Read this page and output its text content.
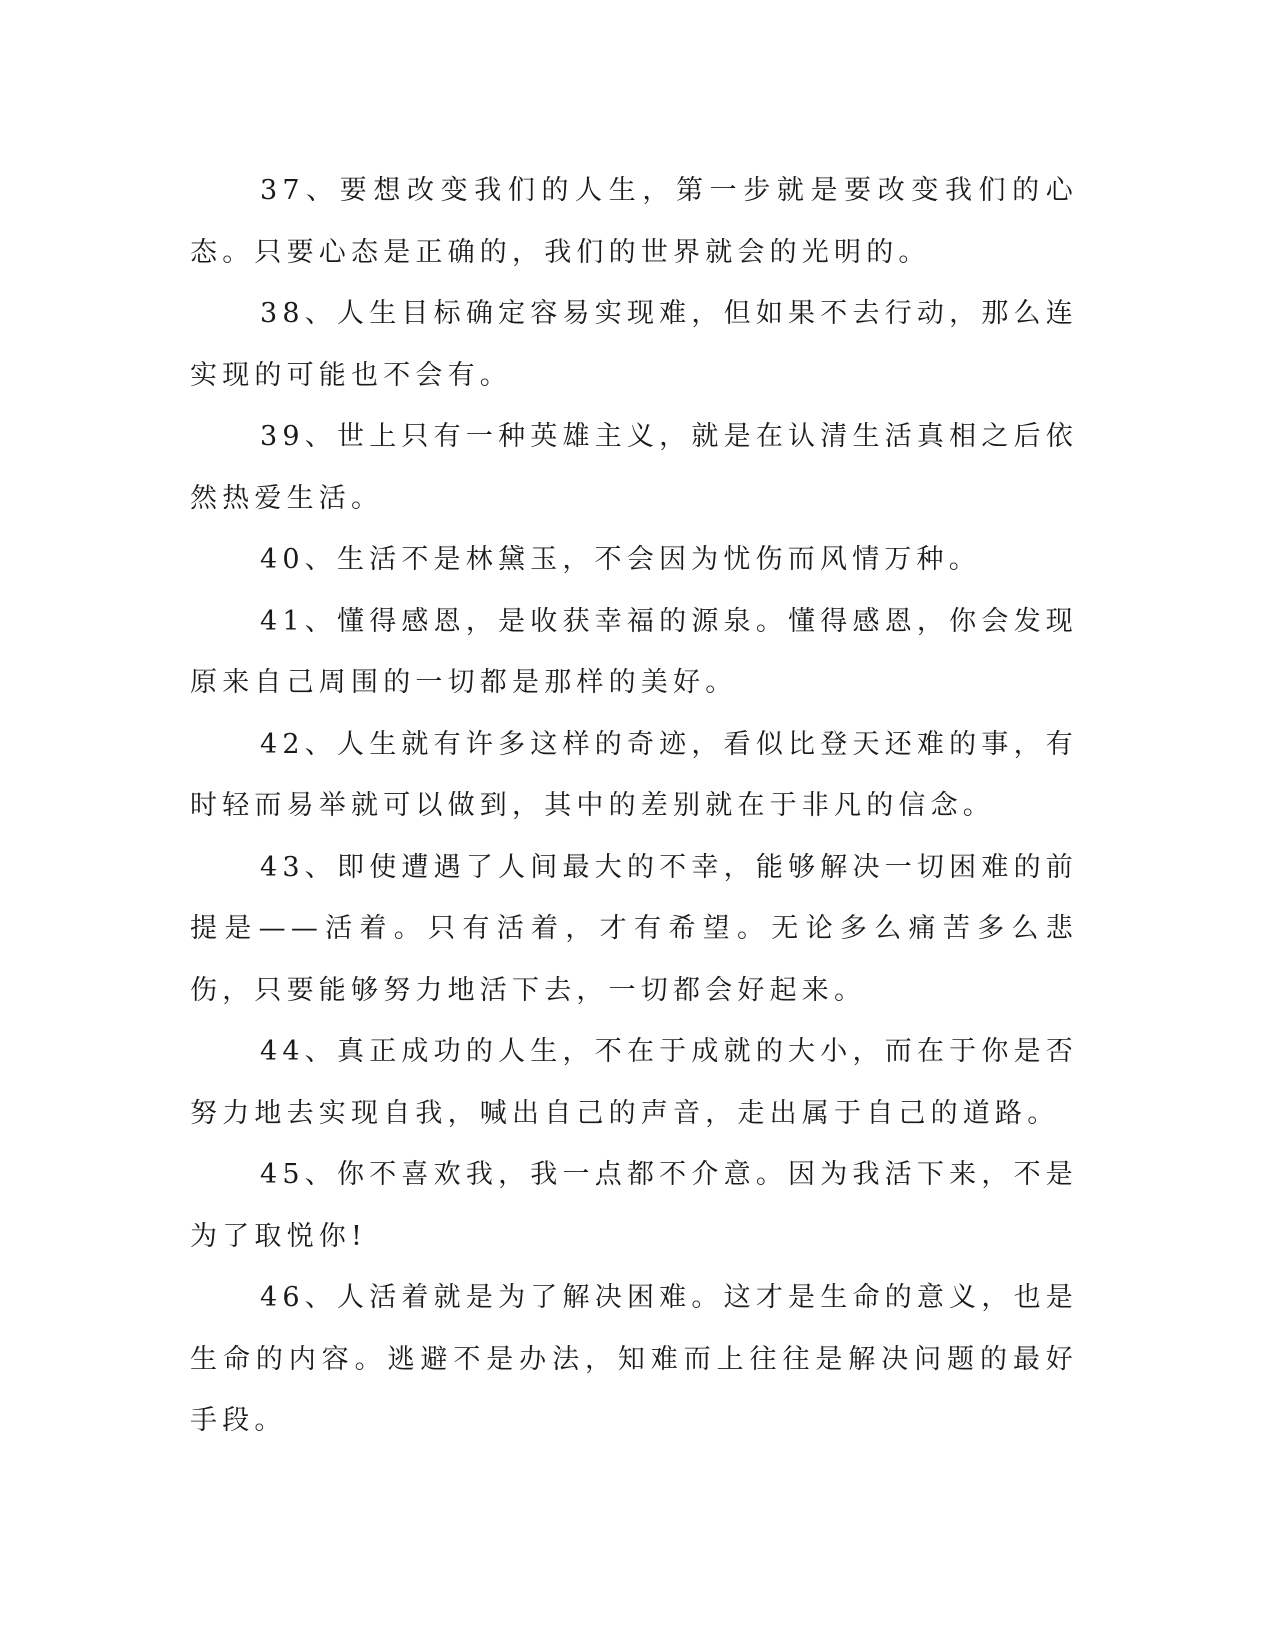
37、要想改变我们的人生，第一步就是要改变我们的心态。只要心态是正确的，我们的世界就会的光明的。

38、人生目标确定容易实现难，但如果不去行动，那么连实现的可能也不会有。

39、世上只有一种英雄主义，就是在认清生活真相之后依然热爱生活。

40、生活不是林黛玉，不会因为忧伤而风情万种。

41、懂得感恩，是收获幸福的源泉。懂得感恩，你会发现原来自己周围的一切都是那样的美好。

42、人生就有许多这样的奇迹，看似比登天还难的事，有时轻而易举就可以做到，其中的差别就在于非凡的信念。

43、即使遭遇了人间最大的不幸，能够解决一切困难的前提是——活着。只有活着，才有希望。无论多么痛苦多么悲伤，只要能够努力地活下去，一切都会好起来。

44、真正成功的人生，不在于成就的大小，而在于你是否努力地去实现自我，喊出自己的声音，走出属于自己的道路。

45、你不喜欢我，我一点都不介意。因为我活下来，不是为了取悦你!

46、人活着就是为了解决困难。这才是生命的意义，也是生命的内容。逃避不是办法，知难而上往往是解决问题的最好手段。
